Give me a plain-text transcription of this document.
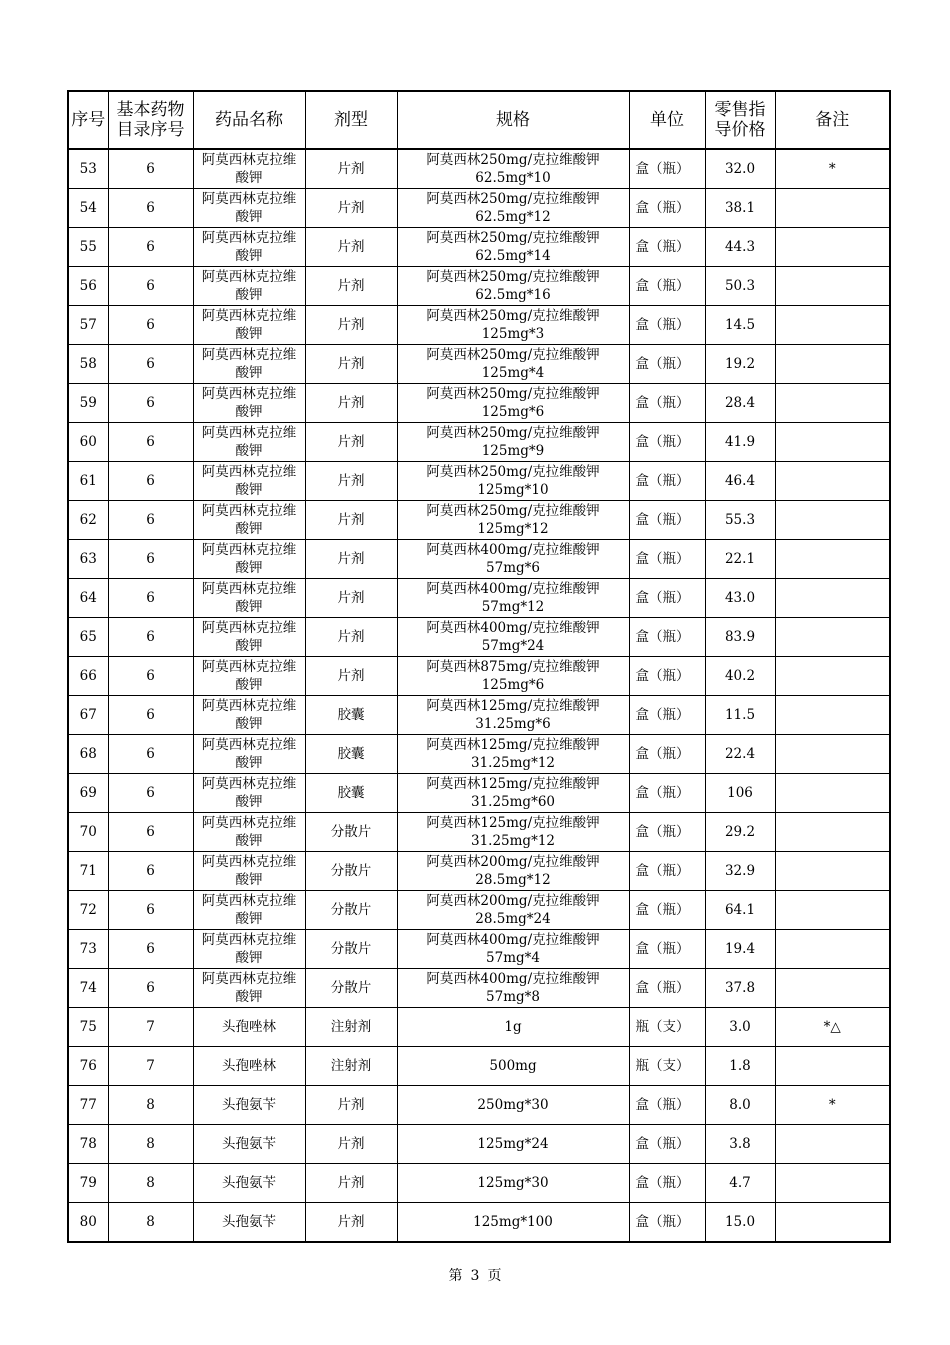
序号	基本药物目录序号	药品名称	剂型	规格	单位	零售指导价格	备注
53	6	阿莫西林克拉维酸钾	片剂	阿莫西林250mg/克拉维酸钾62.5mg*10	盒（瓶）	32.0	*
54	6	阿莫西林克拉维酸钾	片剂	阿莫西林250mg/克拉维酸钾62.5mg*12	盒（瓶）	38.1	
55	6	阿莫西林克拉维酸钾	片剂	阿莫西林250mg/克拉维酸钾62.5mg*14	盒（瓶）	44.3	
56	6	阿莫西林克拉维酸钾	片剂	阿莫西林250mg/克拉维酸钾62.5mg*16	盒（瓶）	50.3	
57	6	阿莫西林克拉维酸钾	片剂	阿莫西林250mg/克拉维酸钾125mg*3	盒（瓶）	14.5	
58	6	阿莫西林克拉维酸钾	片剂	阿莫西林250mg/克拉维酸钾125mg*4	盒（瓶）	19.2	
59	6	阿莫西林克拉维酸钾	片剂	阿莫西林250mg/克拉维酸钾125mg*6	盒（瓶）	28.4	
60	6	阿莫西林克拉维酸钾	片剂	阿莫西林250mg/克拉维酸钾125mg*9	盒（瓶）	41.9	
61	6	阿莫西林克拉维酸钾	片剂	阿莫西林250mg/克拉维酸钾125mg*10	盒（瓶）	46.4	
62	6	阿莫西林克拉维酸钾	片剂	阿莫西林250mg/克拉维酸钾125mg*12	盒（瓶）	55.3	
63	6	阿莫西林克拉维酸钾	片剂	阿莫西林400mg/克拉维酸钾57mg*6	盒（瓶）	22.1	
64	6	阿莫西林克拉维酸钾	片剂	阿莫西林400mg/克拉维酸钾57mg*12	盒（瓶）	43.0	
65	6	阿莫西林克拉维酸钾	片剂	阿莫西林400mg/克拉维酸钾57mg*24	盒（瓶）	83.9	
66	6	阿莫西林克拉维酸钾	片剂	阿莫西林875mg/克拉维酸钾125mg*6	盒（瓶）	40.2	
67	6	阿莫西林克拉维酸钾	胶囊	阿莫西林125mg/克拉维酸钾31.25mg*6	盒（瓶）	11.5	
68	6	阿莫西林克拉维酸钾	胶囊	阿莫西林125mg/克拉维酸钾31.25mg*12	盒（瓶）	22.4	
69	6	阿莫西林克拉维酸钾	胶囊	阿莫西林125mg/克拉维酸钾31.25mg*60	盒（瓶）	106	
70	6	阿莫西林克拉维酸钾	分散片	阿莫西林125mg/克拉维酸钾31.25mg*12	盒（瓶）	29.2	
71	6	阿莫西林克拉维酸钾	分散片	阿莫西林200mg/克拉维酸钾28.5mg*12	盒（瓶）	32.9	
72	6	阿莫西林克拉维酸钾	分散片	阿莫西林200mg/克拉维酸钾28.5mg*24	盒（瓶）	64.1	
73	6	阿莫西林克拉维酸钾	分散片	阿莫西林400mg/克拉维酸钾57mg*4	盒（瓶）	19.4	
74	6	阿莫西林克拉维酸钾	分散片	阿莫西林400mg/克拉维酸钾57mg*8	盒（瓶）	37.8	
75	7	头孢唑林	注射剂	1g	瓶（支）	3.0	*△
76	7	头孢唑林	注射剂	500mg	瓶（支）	1.8	
77	8	头孢氨苄	片剂	250mg*30	盒（瓶）	8.0	*
78	8	头孢氨苄	片剂	125mg*24	盒（瓶）	3.8	
79	8	头孢氨苄	片剂	125mg*30	盒（瓶）	4.7	
80	8	头孢氨苄	片剂	125mg*100	盒（瓶）	15.0	
第 3 页
